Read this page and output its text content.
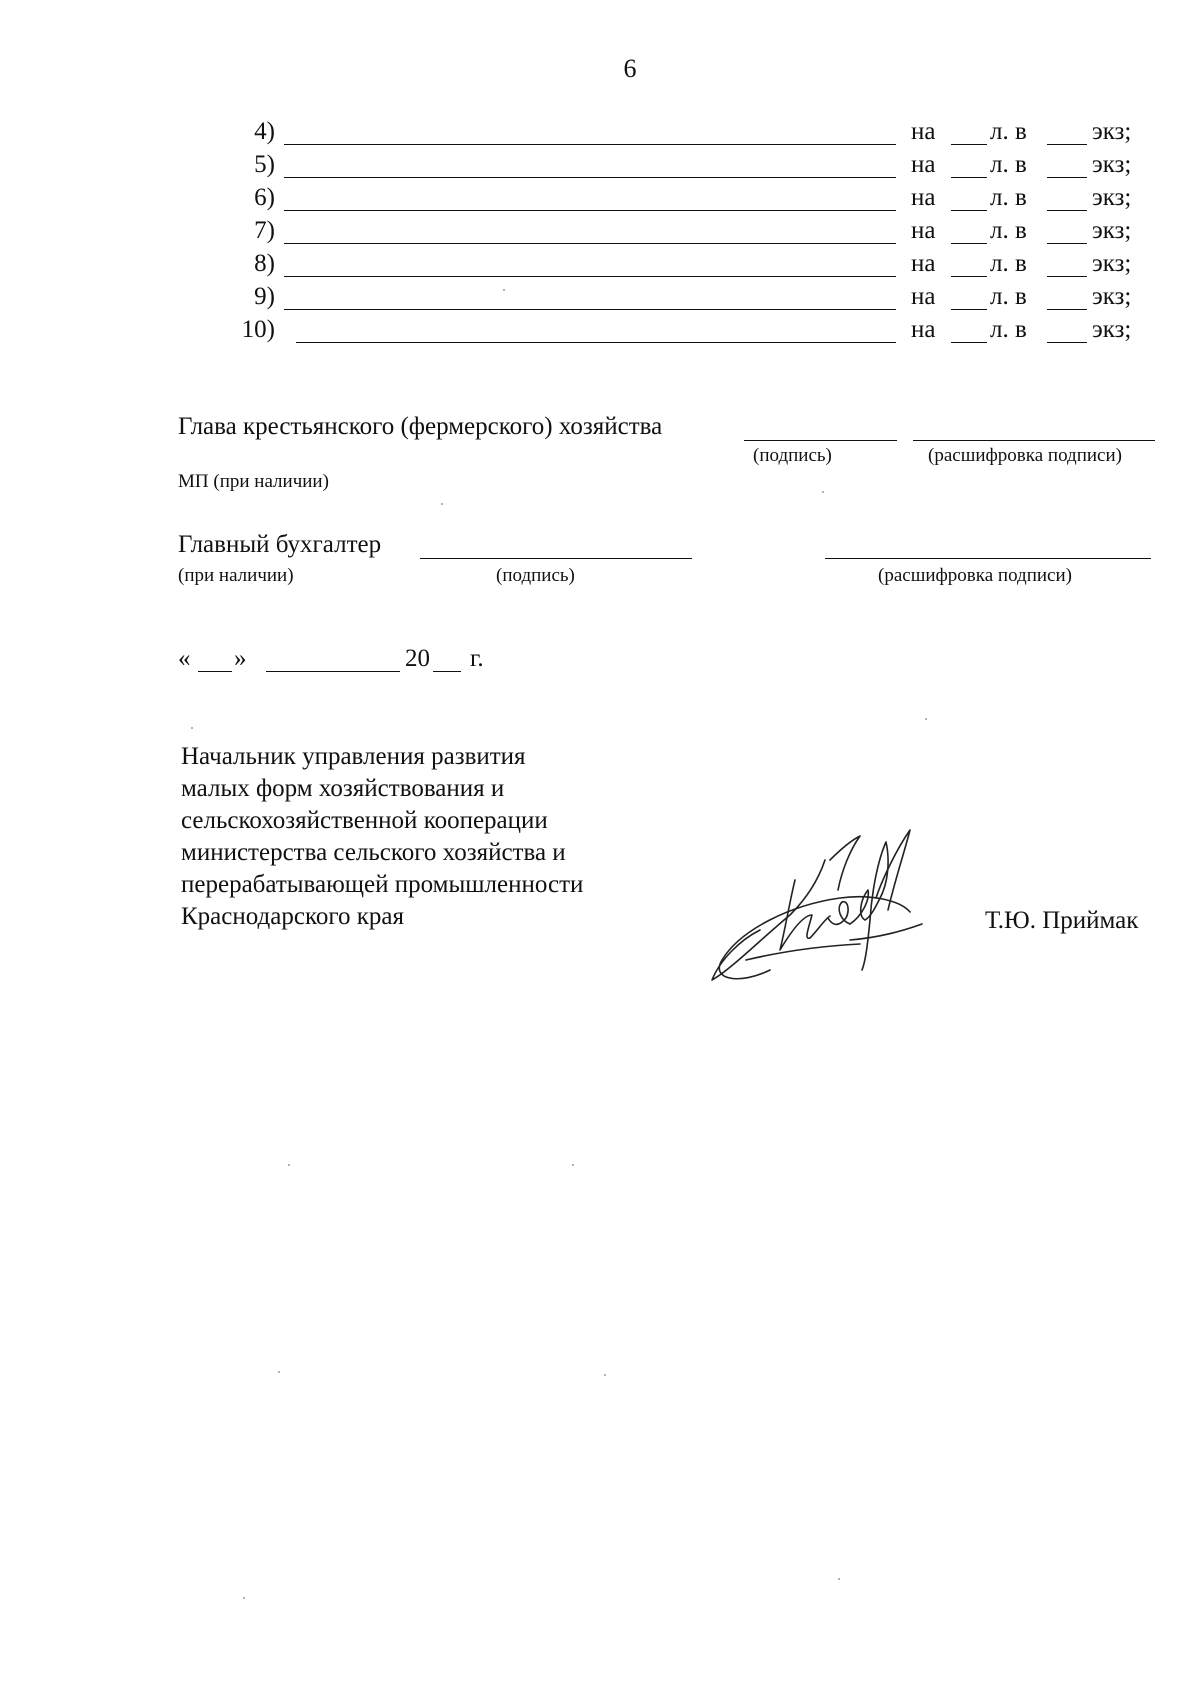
6
4)	на л. в	экз;
5)	на л. в	экз;
6)	на л. в	экз;
7)	на л. в	экз;
8)	на л. в	экз;
9)	на л. в	экз;
10)	на л. в	экз;
Глава крестьянского (фермерского) хозяйства
(подпись)	(расшифровка подписи)
МП (при наличии)
Главный бухгалтер
(при наличии)	(подпись)	(расшифровка подписи)
« »	20 г.
Начальник управления развития
малых форм хозяйствования и
сельскохозяйственной кооперации
министерства сельского хозяйства и
перерабатывающей промышленности
Краснодарского края	Т.Ю. Приймак
